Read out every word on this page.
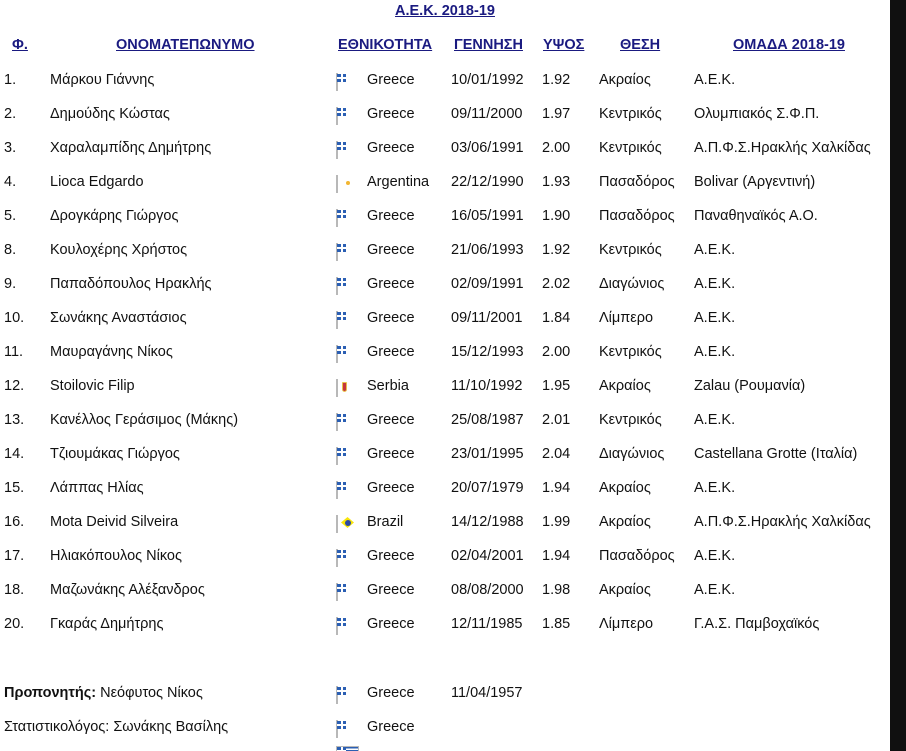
Α.Ε.Κ. 2018-19
Φ.	ΟΝΟΜΑΤΕΠΩΝΥΜΟ	ΕΘΝΙΚΟΤΗΤΑ ΓΕΝΝΗΣΗ ΥΨΟΣ ΘΕΣΗ	ΟΜΑΔΑ 2018-19
1. Μάρκου Γιάννης	Greece	10/01/1992 1.92 Ακραίος	Α.Ε.Κ.
2. Δημούδης Κώστας	Greece	09/11/2000 1.97 Κεντρικός Ολυμπιακός Σ.Φ.Π.
3. Χαραλαμπίδης Δημήτρης	Greece	03/06/1991 2.00 Κεντρικός Α.Π.Φ.Σ.Ηρακλής Χαλκίδας
4. Lioca Edgardo	Argentina 22/12/1990 1.93 Πασαδόρος Bolivar (Αργεντινή)
5. Δρογκάρης Γιώργος	Greece	16/05/1991 1.90 Πασαδόρος Παναθηναϊκός Α.Ο.
8. Κουλοχέρης Χρήστος	Greece	21/06/1993 1.92 Κεντρικός Α.Ε.Κ.
9. Παπαδόπουλος Ηρακλής	Greece	02/09/1991 2.02 Διαγώνιος Α.Ε.Κ.
10. Σωνάκης Αναστάσιος	Greece	09/11/2001 1.84 Λίμπερο	Α.Ε.Κ.
11. Μαυραγάνης Νίκος	Greece	15/12/1993 2.00 Κεντρικός Α.Ε.Κ.
12. Stoilovic Filip	Serbia	11/10/1992 1.95 Ακραίος	Zalau (Ρουμανία)
13. Κανέλλος Γεράσιμος (Μάκης)	Greece	25/08/1987 2.01 Κεντρικός Α.Ε.Κ.
14. Τζιουμάκας Γιώργος	Greece	23/01/1995 2.04 Διαγώνιος Castellana Grotte (Ιταλία)
15. Λάππας Ηλίας	Greece	20/07/1979 1.94 Ακραίος	Α.Ε.Κ.
16. Mota Deivid Silveira	Brazil	14/12/1988 1.99 Ακραίος	Α.Π.Φ.Σ.Ηρακλής Χαλκίδας
17. Ηλιακόπουλος Νίκος	Greece	02/04/2001 1.94 Πασαδόρος Α.Ε.Κ.
18. Μαζωνάκης Αλέξανδρος	Greece	08/08/2000 1.98 Ακραίος	Α.Ε.Κ.
20. Γκαράς Δημήτρης	Greece	12/11/1985 1.85 Λίμπερο	Γ.Α.Σ. Παμβοχαϊκός
Προπονητής: Νεόφυτος Νίκος	Greece	11/04/1957
Στατιστικολόγος: Σωνάκης Βασίλης	Greece
